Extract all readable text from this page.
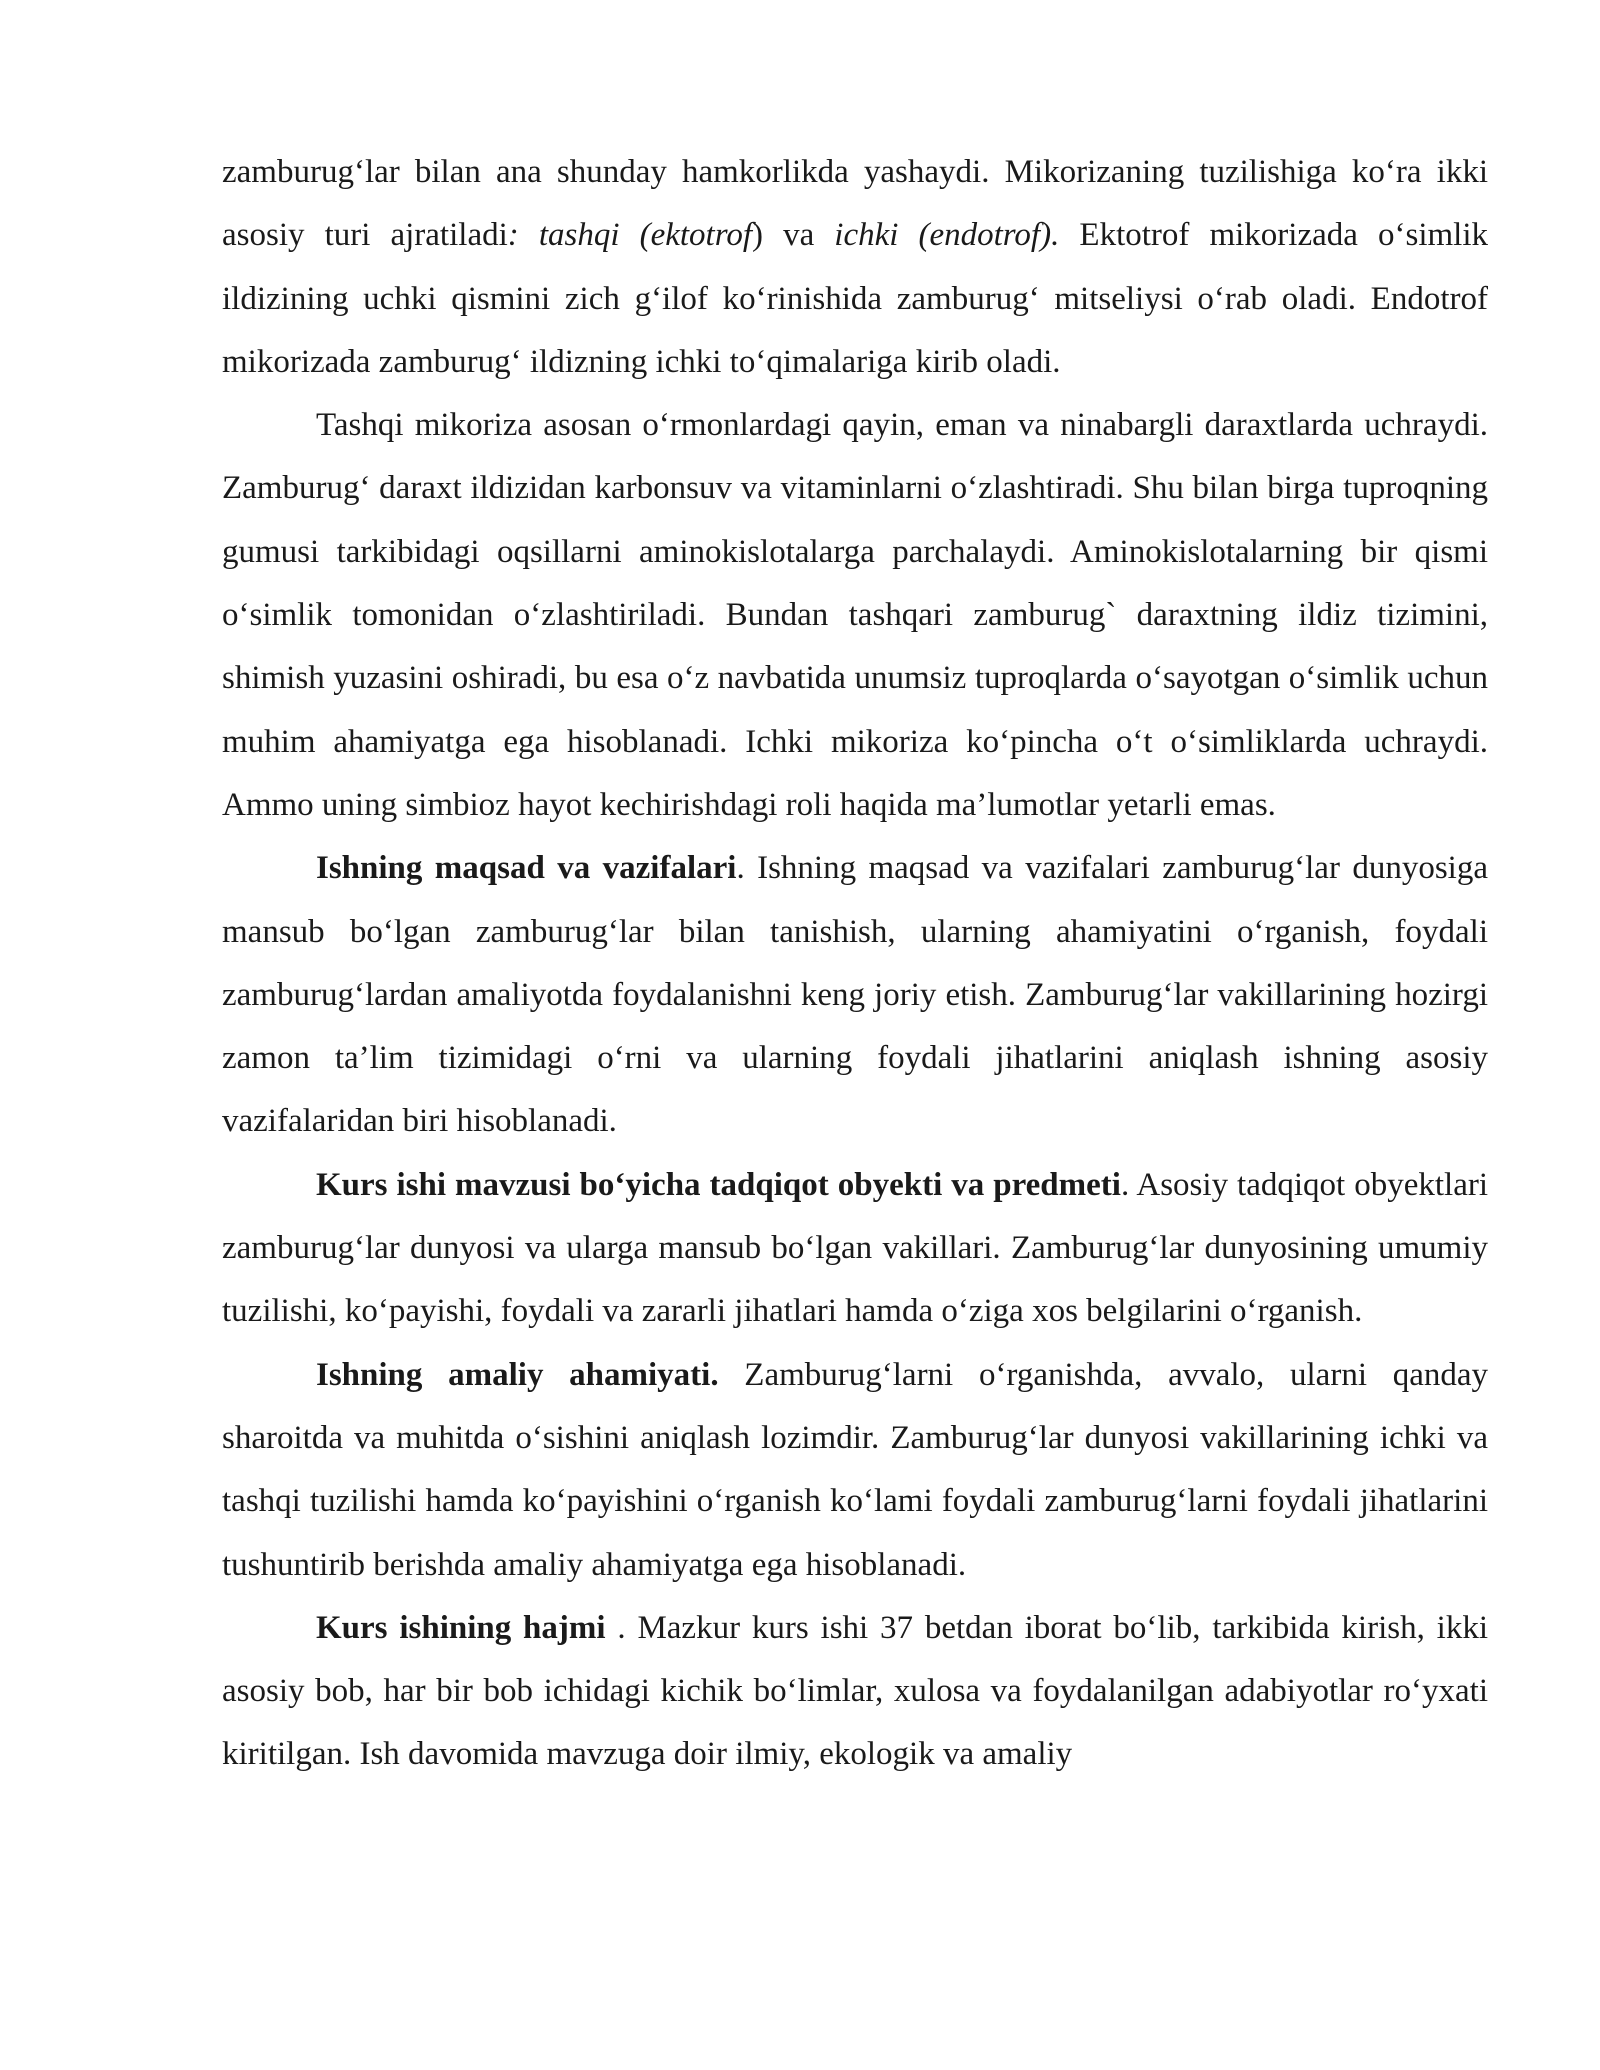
zamburug‘lar bilan ana shunday hamkorlikda yashaydi. Mikorizaning tuzilishiga ko‘ra ikki asosiy turi ajratiladi: tashqi (ektotrof) va ichki (endotrof). Ektotrof mikorizada o‘simlik ildizining uchki qismini zich g‘ilof ko‘rinishida zamburug‘ mitseliysi o‘rab oladi. Endotrof mikorizada zamburug‘ ildizning ichki to‘qimalariga kirib oladi.

Tashqi mikoriza asosan o‘rmonlardagi qayin, eman va ninabargli daraxtlarda uchraydi. Zamburug‘ daraxt ildizidan karbonsuv va vitaminlarni o‘zlashtiradi. Shu bilan birga tuproqning gumusi tarkibidagi oqsillarni aminokislotalarga parchalaydi. Aminokislotalarning bir qismi o‘simlik tomonidan o‘zlashtiriladi. Bundan tashqari zamburug` daraxtning ildiz tizimini, shimish yuzasini oshiradi, bu esa o‘z navbatida unumsiz tuproqlarda o‘sayotgan o‘simlik uchun muhim ahamiyatga ega hisoblanadi. Ichki mikoriza ko‘pincha o‘t o‘simliklarda uchraydi. Ammo uning simbioz hayot kechirishdagi roli haqida ma’lumotlar yetarli emas.

Ishning maqsad va vazifalari. Ishning maqsad va vazifalari zamburug‘lar dunyosiga mansub bo‘lgan zamburug‘lar bilan tanishish, ularning ahamiyatini o‘rganish, foydali zamburug‘lardan amaliyotda foydalanishni keng joriy etish. Zamburug‘lar vakillarining hozirgi zamon ta’lim tizimidagi o‘rni va ularning foydali jihatlarini aniqlash ishning asosiy vazifalaridan biri hisoblanadi.

Kurs ishi mavzusi bo‘yicha tadqiqot obyekti va predmeti. Asosiy tadqiqot obyektlari zamburug‘lar dunyosi va ularga mansub bo‘lgan vakillari. Zamburug‘lar dunyosining umumiy tuzilishi, ko‘payishi, foydali va zararli jihatlari hamda o‘ziga xos belgilarini o‘rganish.

Ishning amaliy ahamiyati. Zamburug‘larni o‘rganishda, avvalo, ularni qanday sharoitda va muhitda o‘sishini aniqlash lozimdir. Zamburug‘lar dunyosi vakillarining ichki va tashqi tuzilishi hamda ko‘payishini o‘rganish ko‘lami foydali zamburug‘larni foydali jihatlarini tushuntirib berishda amaliy ahamiyatga ega hisoblanadi.

Kurs ishining hajmi . Mazkur kurs ishi 37 betdan iborat bo‘lib, tarkibida kirish, ikki asosiy bob, har bir bob ichidagi kichik bo‘limlar, xulosa va foydalanilgan adabiyotlar ro‘yxati kiritilgan. Ish davomida mavzuga doir ilmiy, ekologik va amaliy
